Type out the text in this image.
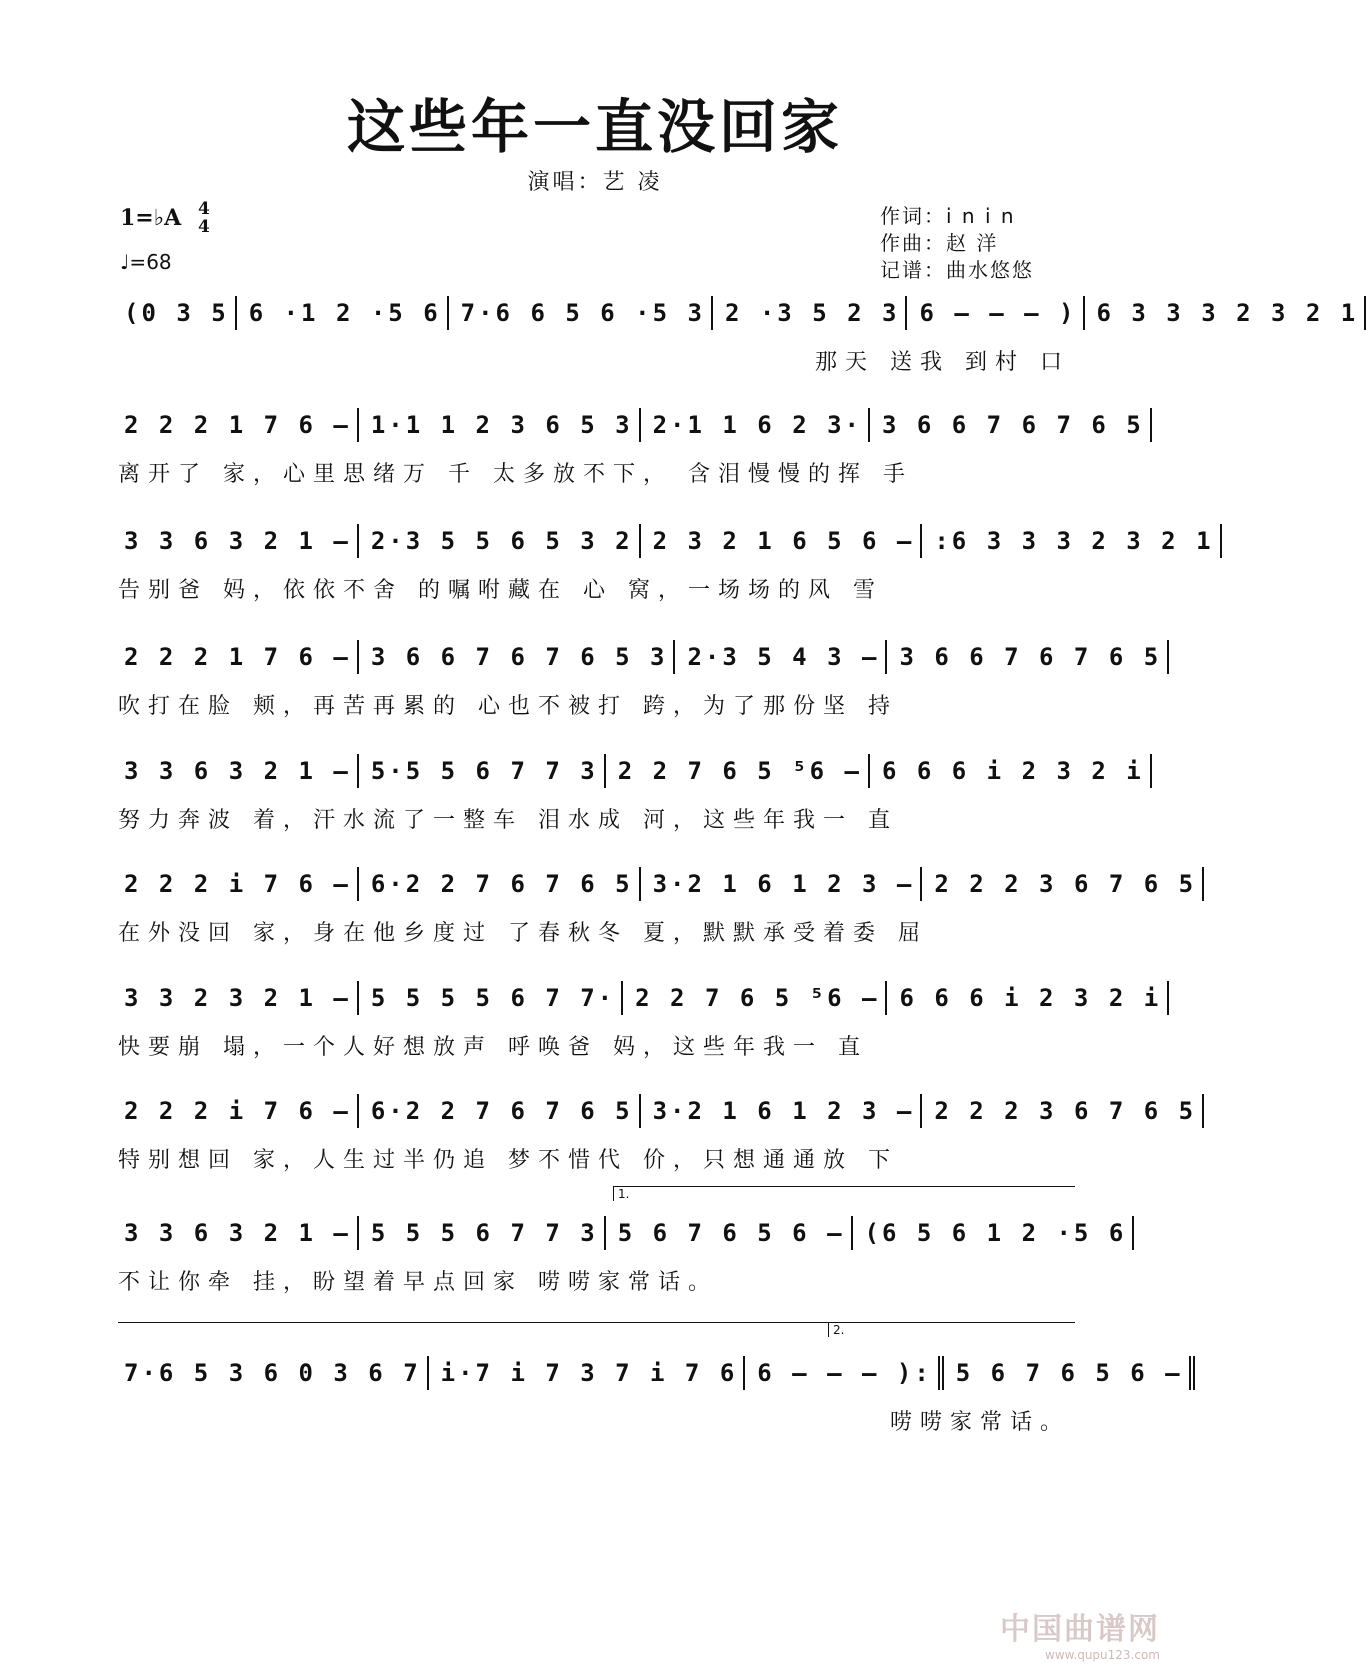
这些年一直没回家
演唱：艺 凌
1=♭A 4
4
♩=68
作词：i n i n
作曲：赵 洋
记谱：曲水悠悠
(0 3 5 6 ·1 2 ·5 6 7·6 6 5 6 ·5 3 2 ·3 5 2 3 6 – – – ) 6 3 3 3 2 3 2 1
那天 送我 到村 口
2 2 2 1 7 6 – 1·1 1 2 3 6 5 3 2·1 1 6 2 3· 3 6 6 7 6 7 6 5
离开了 家，心里思绪万 千 太多放不下， 含泪慢慢的挥 手
3 3 6 3 2 1 – 2·3 5 5 6 5 3 2 2 3 2 1 6 5 6 – :6 3 3 3 2 3 2 1
告别爸 妈，依依不舍 的嘱咐藏在 心 窝，一场场的风 雪
2 2 2 1 7 6 – 3 6 6 7 6 7 6 5 3 2·3 5 4 3 – 3 6 6 7 6 7 6 5
吹打在脸 颊，再苦再累的 心也不被打 跨，为了那份坚 持
3 3 6 3 2 1 – 5·5 5 6 7 7 3 2 2 7 6 5 ⁵6 – 6 6 6 i 2 3 2 i
努力奔波 着，汗水流了一整车 泪水成 河，这些年我一 直
2 2 2 i 7 6 – 6·2 2 7 6 7 6 5 3·2 1 6 1 2 3 – 2 2 2 3 6 7 6 5
在外没回 家，身在他乡度过 了春秋冬 夏，默默承受着委 屈
3 3 2 3 2 1 – 5 5 5 5 6 7 7· 2 2 7 6 5 ⁵6 – 6 6 6 i 2 3 2 i
快要崩 塌，一个人好想放声 呼唤爸 妈，这些年我一 直
2 2 2 i 7 6 – 6·2 2 7 6 7 6 5 3·2 1 6 1 2 3 – 2 2 2 3 6 7 6 5
特别想回 家，人生过半仍追 梦不惜代 价，只想通通放 下
1.
3 3 6 3 2 1 – 5 5 5 6 7 7 3 5 6 7 6 5 6 – (6 5 6 1 2 ·5 6
不让你牵 挂，盼望着早点回家 唠唠家常话。
2.
7·6 5 3 6 0 3 6 7 i·7 i 7 3 7 i 7 6 6 – – – ):	5 6 7 6 5 6 –
唠唠家常话。
中国曲谱网
www.qupu123.com
